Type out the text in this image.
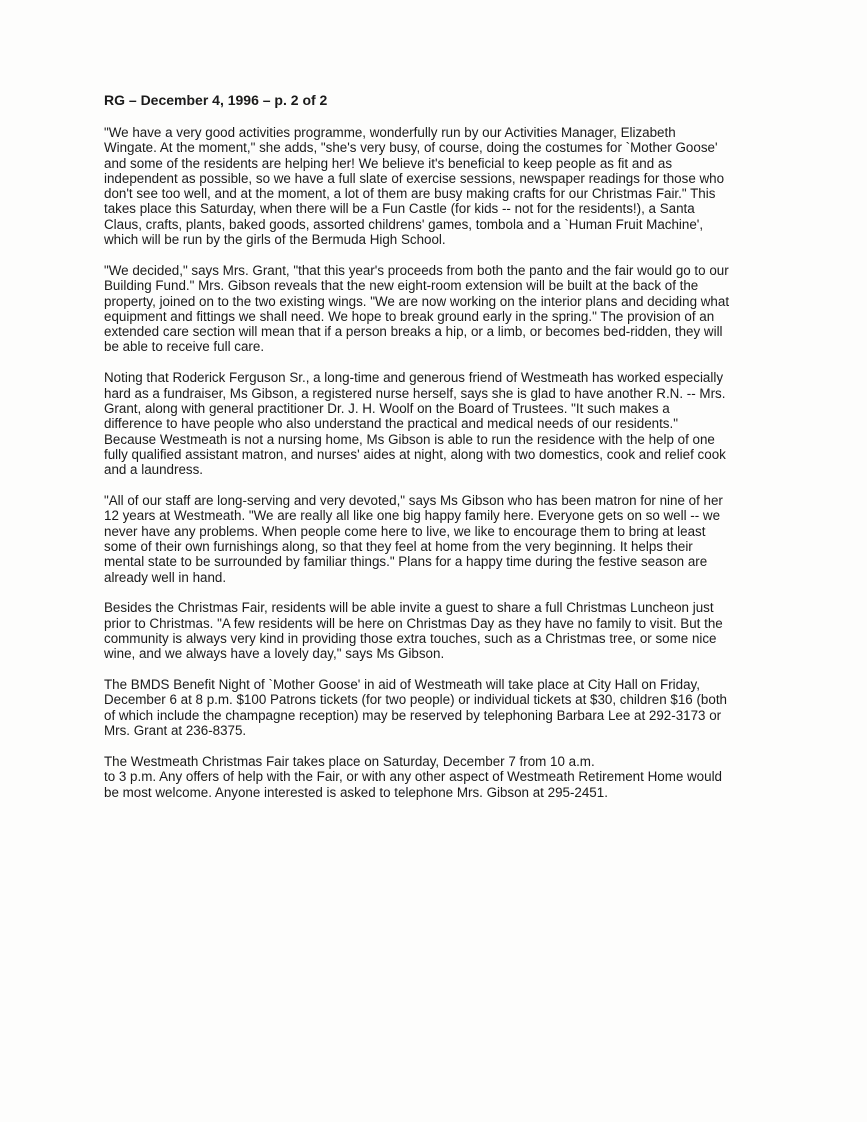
RG – December 4, 1996 – p. 2 of 2
"We have a very good activities programme, wonderfully run by our Activities Manager, Elizabeth
Wingate. At the moment," she adds, "she's very busy, of course, doing the costumes for `Mother Goose'
and some of the residents are helping her! We believe it's beneficial to keep people as fit and as
independent as possible, so we have a full slate of exercise sessions, newspaper readings for those who
don't see too well, and at the moment, a lot of them are busy making crafts for our Christmas Fair." This
takes place this Saturday, when there will be a Fun Castle (for kids -- not for the residents!), a Santa
Claus, crafts, plants, baked goods, assorted childrens' games, tombola and a `Human Fruit Machine',
which will be run by the girls of the Bermuda High School.
"We decided," says Mrs. Grant, "that this year's proceeds from both the panto and the fair would go to our
Building Fund." Mrs. Gibson reveals that the new eight-room extension will be built at the back of the
property, joined on to the two existing wings. "We are now working on the interior plans and deciding what
equipment and fittings we shall need. We hope to break ground early in the spring." The provision of an
extended care section will mean that if a person breaks a hip, or a limb, or becomes bed-ridden, they will
be able to receive full care.
Noting that Roderick Ferguson Sr., a long-time and generous friend of Westmeath has worked especially
hard as a fundraiser, Ms Gibson, a registered nurse herself, says she is glad to have another R.N. -- Mrs.
Grant, along with general practitioner Dr. J. H. Woolf on the Board of Trustees. "It such makes a
difference to have people who also understand the practical and medical needs of our residents."
Because Westmeath is not a nursing home, Ms Gibson is able to run the residence with the help of one
fully qualified assistant matron, and nurses' aides at night, along with two domestics, cook and relief cook
and a laundress.
"All of our staff are long-serving and very devoted," says Ms Gibson who has been matron for nine of her
12 years at Westmeath. "We are really all like one big happy family here. Everyone gets on so well -- we
never have any problems. When people come here to live, we like to encourage them to bring at least
some of their own furnishings along, so that they feel at home from the very beginning. It helps their
mental state to be surrounded by familiar things." Plans for a happy time during the festive season are
already well in hand.
Besides the Christmas Fair, residents will be able invite a guest to share a full Christmas Luncheon just
prior to Christmas. "A few residents will be here on Christmas Day as they have no family to visit. But the
community is always very kind in providing those extra touches, such as a Christmas tree, or some nice
wine, and we always have a lovely day," says Ms Gibson.
The BMDS Benefit Night of `Mother Goose' in aid of Westmeath will take place at City Hall on Friday,
December 6 at 8 p.m. $100 Patrons tickets (for two people) or individual tickets at $30, children $16 (both
of which include the champagne reception) may be reserved by telephoning Barbara Lee at 292-3173 or
Mrs. Grant at 236-8375.
The Westmeath Christmas Fair takes place on Saturday, December 7 from 10 a.m.
to 3 p.m. Any offers of help with the Fair, or with any other aspect of Westmeath Retirement Home would
be most welcome. Anyone interested is asked to telephone Mrs. Gibson at 295-2451.
